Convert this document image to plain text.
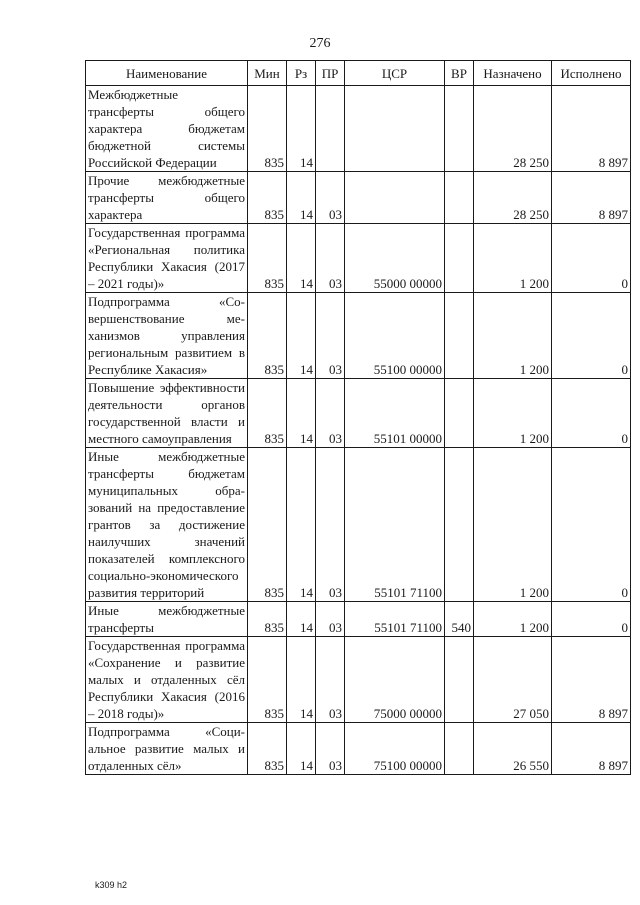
276
Наименование	Мин	Рз	ПР	ЦСР	ВР	Назначено	Исполнено
Межбюджетные трансферты общего характера бюджетам бюджетной системы Российской Федерации	835	14				28 250	8 897
Прочие межбюджетные трансферты общего характера	835	14	03			28 250	8 897
Государственная программа «Региональная политика Республики Хакасия (2017 – 2021 годы)»	835	14	03	55000 00000		1 200	0
Подпрограмма «Совершенствование механизмов управления региональным развитием в Республике Хакасия»	835	14	03	55100 00000		1 200	0
Повышение эффективности деятельности органов государственной власти и местного самоуправления	835	14	03	55101 00000		1 200	0
Иные межбюджетные трансферты бюджетам муниципальных образований на предоставление грантов за достижение наилучших значений показателей комплексного социально-экономического развития территорий	835	14	03	55101 71100		1 200	0
Иные межбюджетные трансферты	835	14	03	55101 71100	540	1 200	0
Государственная программа «Сохранение и развитие малых и отдаленных сёл Республики Хакасия (2016 – 2018 годы)»	835	14	03	75000 00000		27 050	8 897
Подпрограмма «Социальное развитие малых и отдаленных сёл»	835	14	03	75100 00000		26 550	8 897
k309 h2
